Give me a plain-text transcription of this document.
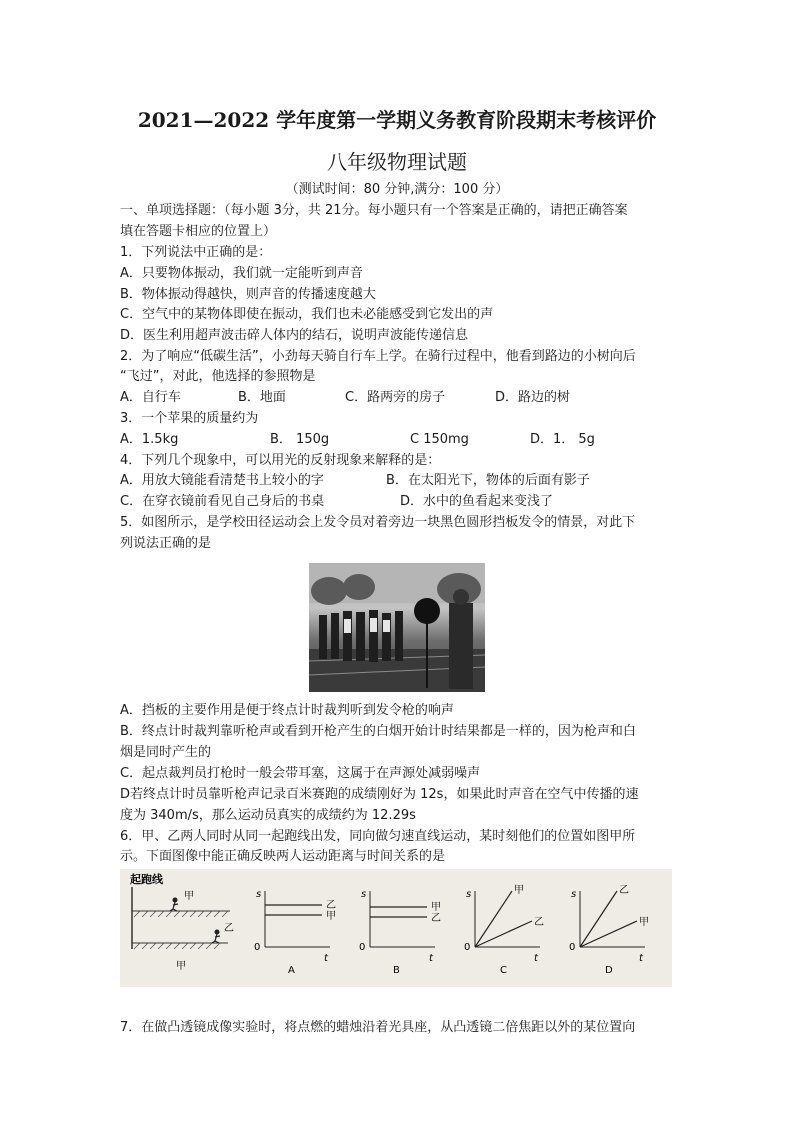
2021—2022 学年度第一学期义务教育阶段期末考核评价
八年级物理试题
（测试时间：80 分钟,满分：100 分）
一、单项选择题：（每小题 3分，共 21分。每小题只有一个答案是正确的，请把正确答案
填在答题卡相应的位置上）
1．下列说法中正确的是：
A．只要物体振动，我们就一定能听到声音
B．物体振动得越快，则声音的传播速度越大
C．空气中的某物体即使在振动，我们也未必能感受到它发出的声
D．医生利用超声波击碎人体内的结石，说明声波能传递信息
2．为了响应“低碳生活”，小劲每天骑自行车上学。在骑行过程中，他看到路边的小树向后
“飞过”，对此，他选择的参照物是
A．自行车	B．地面	C．路两旁的房子	D．路边的树
3．一个苹果的质量约为
A．1.5kg	B． 150g	C 150mg	D．1． 5g
4．下列几个现象中，可以用光的反射现象来解释的是：
A．用放大镜能看清楚书上较小的字	B．在太阳光下，物体的后面有影子
C．在穿衣镜前看见自己身后的书桌	D．水中的鱼看起来变浅了
5．如图所示，是学校田径运动会上发令员对着旁边一块黑色圆形挡板发令的情景，对此下
列说法正确的是
A．挡板的主要作用是便于终点计时裁判听到发令枪的响声
B．终点计时裁判靠听枪声或看到开枪产生的白烟开始计时结果都是一样的，因为枪声和白
烟是同时产生的
C．起点裁判员打枪时一般会带耳塞，这属于在声源处减弱噪声
D若终点计时员靠听枪声记录百米赛跑的成绩刚好为 12s，如果此时声音在空气中传播的速
度为 340m/s，那么运动员真实的成绩约为 12.29s
6．甲、乙两人同时从同一起跑线出发，同向做匀速直线运动，某时刻他们的位置如图甲所
示。下面图像中能正确反映两人运动距离与时间关系的是
起跑线
甲
乙
甲
s
t
0
乙
甲
A
s
t
0
甲
乙
B
s
t
0
甲
乙
C
s
t
0
乙
甲
D
7．在做凸透镜成像实验时，将点燃的蜡烛沿着光具座，从凸透镜二倍焦距以外的某位置向
